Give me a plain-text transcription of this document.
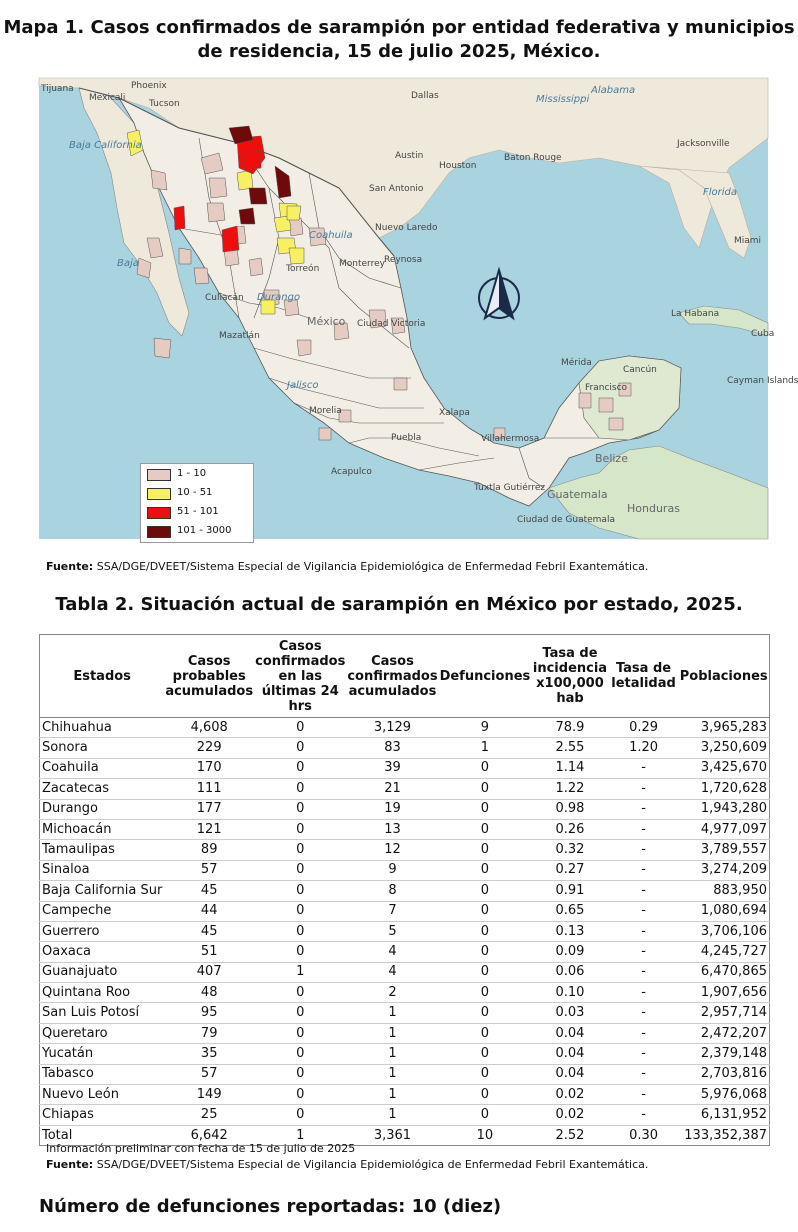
Mapa 1. Casos confirmados de sarampión por entidad federativa y municipios de residencia, 15 de julio 2025, México.
Tijuana
Mexicali
Phoenix
Tucson
Dallas	Mississippi
Alabama
Jacksonville
Austin
Houston
Baton Rouge
San Antonio	Florida
Miami
Nuevo Laredo
Coahuila
Reynosa
Monterrey
Torreón
La Habana
Cuba
Durango
Culiacán
Mazatlán
México Ciudad Victoria
Mérida
Cancún
Cayman Islands
Jalisco
Morelia
Puebla
Xalapa
Villahermosa
Francisco
Belize
Acapulco
Tuxtla Gutiérrez Guatemala
Honduras
Ciudad de Guatemala
Baja California
Baja
1 - 10
10 - 51
51 - 101
101 - 3000
Fuente: SSA/DGE/DVEET/Sistema Especial de Vigilancia Epidemiológica de Enfermedad Febril Exantemática.
Tabla 2. Situación actual de sarampión en México por estado, 2025.
Estados	Casos probables acumulados	Casos confirmados en las últimas 24 hrs	Casos confirmados acumulados	Defunciones	Tasa de incidencia x100,000 hab	Tasa de letalidad	Poblaciones
Chihuahua	4,608	0	3,129	9	78.9	0.29	3,965,283
Sonora	229	0	83	1	2.55	1.20	3,250,609
Coahuila	170	0	39	0	1.14	-	3,425,670
Zacatecas	111	0	21	0	1.22	-	1,720,628
Durango	177	0	19	0	0.98	-	1,943,280
Michoacán	121	0	13	0	0.26	-	4,977,097
Tamaulipas	89	0	12	0	0.32	-	3,789,557
Sinaloa	57	0	9	0	0.27	-	3,274,209
Baja California Sur	45	0	8	0	0.91	-	883,950
Campeche	44	0	7	0	0.65	-	1,080,694
Guerrero	45	0	5	0	0.13	-	3,706,106
Oaxaca	51	0	4	0	0.09	-	4,245,727
Guanajuato	407	1	4	0	0.06	-	6,470,865
Quintana Roo	48	0	2	0	0.10	-	1,907,656
San Luis Potosí	95	0	1	0	0.03	-	2,957,714
Queretaro	79	0	1	0	0.04	-	2,472,207
Yucatán	35	0	1	0	0.04	-	2,379,148
Tabasco	57	0	1	0	0.04	-	2,703,816
Nuevo León	149	0	1	0	0.02	-	5,976,068
Chiapas	25	0	1	0	0.02	-	6,131,952
Total	6,642	1	3,361	10	2.52	0.30	133,352,387
Información preliminar con fecha de 15 de julio de 2025
Fuente: SSA/DGE/DVEET/Sistema Especial de Vigilancia Epidemiológica de Enfermedad Febril Exantemática.
Número de defunciones reportadas: 10 (diez)
